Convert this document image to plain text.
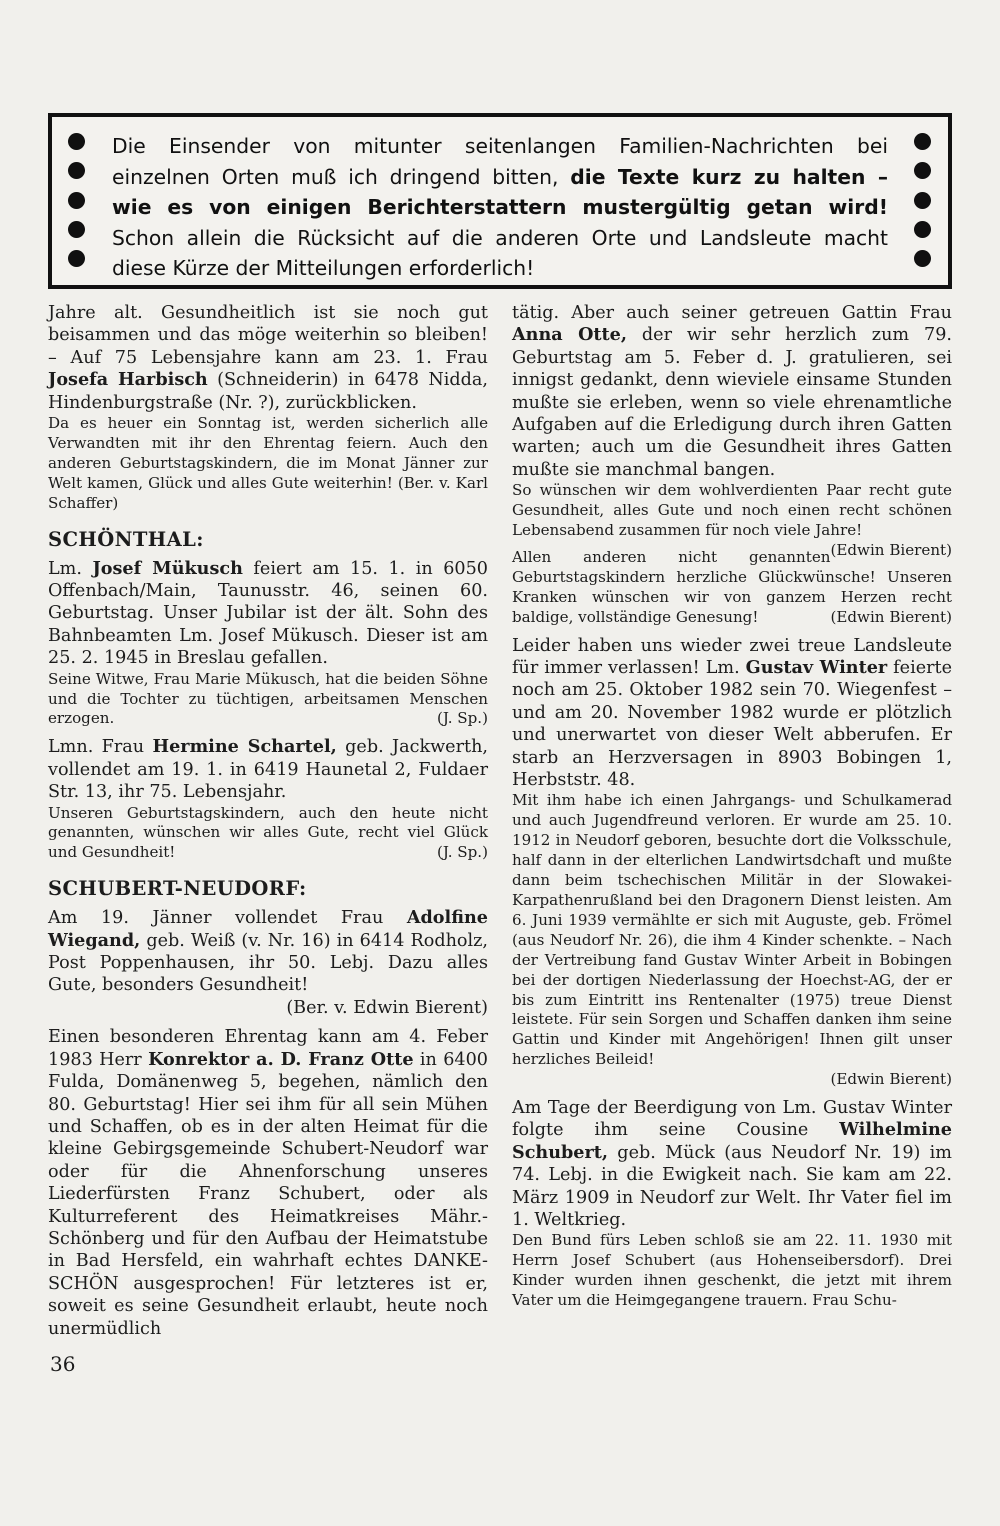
Die Einsender von mitunter seitenlangen Familien-Nachrichten bei
einzelnen Orten muß ich dringend bitten, die Texte kurz zu halten –
wie es von einigen Berichterstattern mustergültig getan wird!
Schon allein die Rücksicht auf die anderen Orte und Landsleute macht
diese Kürze der Mitteilungen erforderlich!

Jahre alt. Gesundheitlich ist sie noch gut beisammen und das möge weiterhin so bleiben! – Auf 75 Lebensjahre kann am 23. 1. Frau Josefa Harbisch (Schneiderin) in 6478 Nidda, Hindenburgstraße (Nr. ?), zurückblicken.

Da es heuer ein Sonntag ist, werden sicherlich alle Verwandten mit ihr den Ehrentag feiern. Auch den anderen Geburtstagskindern, die im Monat Jänner zur Welt kamen, Glück und alles Gute weiterhin! (Ber. v. Karl Schaffer)

SCHÖNTHAL:

Lm. Josef Mükusch feiert am 15. 1. in 6050 Offenbach/Main, Taunusstr. 46, seinen 60. Geburtstag. Unser Jubilar ist der ält. Sohn des Bahnbeamten Lm. Josef Mükusch. Dieser ist am 25. 2. 1945 in Breslau gefallen.

Seine Witwe, Frau Marie Mükusch, hat die beiden Söhne und die Tochter zu tüchtigen, arbeitsamen Menschen erzogen.	(J. Sp.)

Lmn. Frau Hermine Schartel, geb. Jackwerth, vollendet am 19. 1. in 6419 Haunetal 2, Fuldaer Str. 13, ihr 75. Lebensjahr.

Unseren Geburtstagskindern, auch den heute nicht genannten, wünschen wir alles Gute, recht viel Glück und Gesundheit!	(J. Sp.)

SCHUBERT-NEUDORF:

Am 19. Jänner vollendet Frau Adolfine Wiegand, geb. Weiß (v. Nr. 16) in 6414 Rodholz, Post Poppenhausen, ihr 50. Lebj. Dazu alles Gute, besonders Gesundheit!

(Ber. v. Edwin Bierent)

Einen besonderen Ehrentag kann am 4. Feber 1983 Herr Konrektor a. D. Franz Otte in 6400 Fulda, Domänenweg 5, begehen, nämlich den 80. Geburtstag! Hier sei ihm für all sein Mühen und Schaffen, ob es in der alten Heimat für die kleine Gebirgsgemeinde Schubert-Neudorf war oder für die Ahnenforschung unseres Liederfürsten Franz Schubert, oder als Kulturreferent des Heimatkreises Mähr.-Schönberg und für den Aufbau der Heimatstube in Bad Hersfeld, ein wahrhaft echtes DANKE-SCHÖN ausgesprochen! Für letzteres ist er, soweit es seine Gesundheit erlaubt, heute noch unermüdlich

tätig. Aber auch seiner getreuen Gattin Frau Anna Otte, der wir sehr herzlich zum 79. Geburtstag am 5. Feber d. J. gratulieren, sei innigst gedankt, denn wieviele einsame Stunden mußte sie erleben, wenn so viele ehrenamtliche Aufgaben auf die Erledigung durch ihren Gatten warten; auch um die Gesundheit ihres Gatten mußte sie manchmal bangen.

So wünschen wir dem wohlverdienten Paar recht gute Gesundheit, alles Gute und noch einen recht schönen Lebensabend zusammen für noch viele Jahre!
(Edwin Bierent)

Allen anderen nicht genannten Geburtstagskindern herzliche Glückwünsche! Unseren Kranken wünschen wir von ganzem Herzen recht baldige, vollständige Genesung!	(Edwin Bierent)

Leider haben uns wieder zwei treue Landsleute für immer verlassen! Lm. Gustav Winter feierte noch am 25. Oktober 1982 sein 70. Wiegenfest – und am 20. November 1982 wurde er plötzlich und unerwartet von dieser Welt abberufen. Er starb an Herzversagen in 8903 Bobingen 1, Herbststr. 48.

Mit ihm habe ich einen Jahrgangs- und Schulkamerad und auch Jugendfreund verloren. Er wurde am 25. 10. 1912 in Neudorf geboren, besuchte dort die Volksschule, half dann in der elterlichen Landwirtsdchaft und mußte dann beim tschechischen Militär in der Slowakei-Karpathenrußland bei den Dragonern Dienst leisten. Am 6. Juni 1939 vermählte er sich mit Auguste, geb. Frömel (aus Neudorf Nr. 26), die ihm 4 Kinder schenkte. – Nach der Vertreibung fand Gustav Winter Arbeit in Bobingen bei der dortigen Niederlassung der Hoechst-AG, der er bis zum Eintritt ins Rentenalter (1975) treue Dienst leistete. Für sein Sorgen und Schaffen danken ihm seine Gattin und Kinder mit Angehörigen! Ihnen gilt unser herzliches Beileid!

(Edwin Bierent)

Am Tage der Beerdigung von Lm. Gustav Winter folgte ihm seine Cousine Wilhelmine Schubert, geb. Mück (aus Neudorf Nr. 19) im 74. Lebj. in die Ewigkeit nach. Sie kam am 22. März 1909 in Neudorf zur Welt. Ihr Vater fiel im 1. Weltkrieg.

Den Bund fürs Leben schloß sie am 22. 11. 1930 mit Herrn Josef Schubert (aus Hohenseibersdorf). Drei Kinder wurden ihnen geschenkt, die jetzt mit ihrem Vater um die Heimgegangene trauern. Frau Schu-

36
